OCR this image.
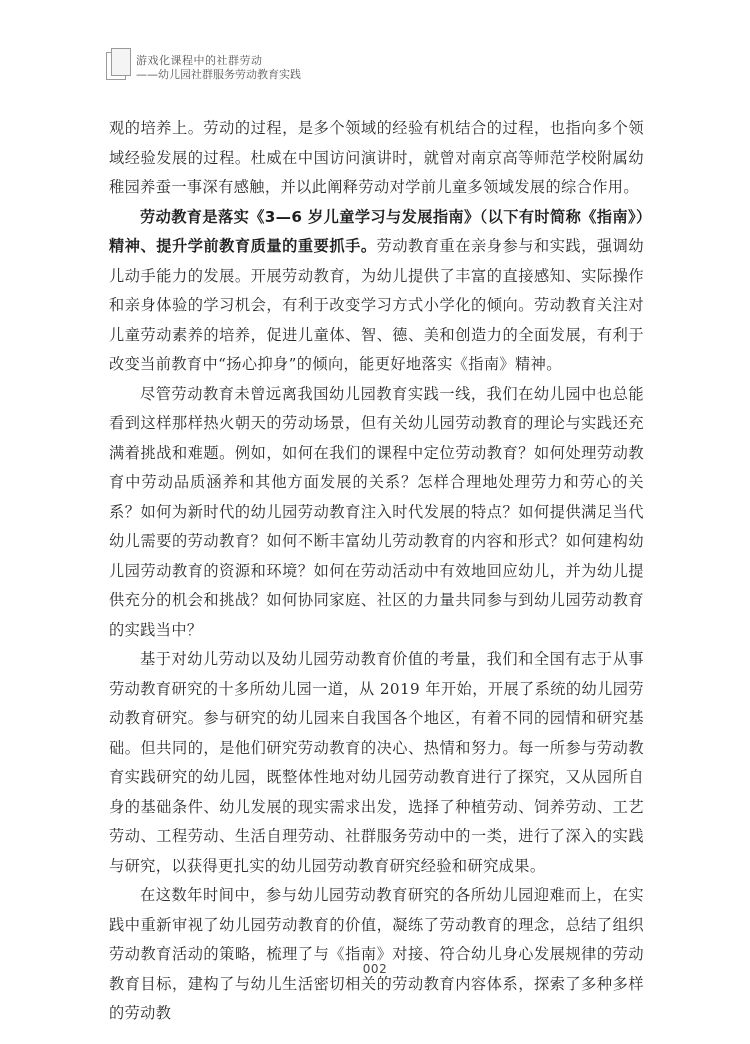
游戏化课程中的社群劳动
——幼儿园社群服务劳动教育实践

观的培养上。劳动的过程，是多个领域的经验有机结合的过程，也指向多个领域经验发展的过程。杜威在中国访问演讲时，就曾对南京高等师范学校附属幼稚园养蚕一事深有感触，并以此阐释劳动对学前儿童多领域发展的综合作用。

劳动教育是落实《3—6 岁儿童学习与发展指南》（以下有时简称《指南》）精神、提升学前教育质量的重要抓手。劳动教育重在亲身参与和实践，强调幼儿动手能力的发展。开展劳动教育，为幼儿提供了丰富的直接感知、实际操作和亲身体验的学习机会，有利于改变学习方式小学化的倾向。劳动教育关注对儿童劳动素养的培养，促进儿童体、智、德、美和创造力的全面发展，有利于改变当前教育中“扬心抑身”的倾向，能更好地落实《指南》精神。

尽管劳动教育未曾远离我国幼儿园教育实践一线，我们在幼儿园中也总能看到这样那样热火朝天的劳动场景，但有关幼儿园劳动教育的理论与实践还充满着挑战和难题。例如，如何在我们的课程中定位劳动教育？如何处理劳动教育中劳动品质涵养和其他方面发展的关系？怎样合理地处理劳力和劳心的关系？如何为新时代的幼儿园劳动教育注入时代发展的特点？如何提供满足当代幼儿需要的劳动教育？如何不断丰富幼儿劳动教育的内容和形式？如何建构幼儿园劳动教育的资源和环境？如何在劳动活动中有效地回应幼儿，并为幼儿提供充分的机会和挑战？如何协同家庭、社区的力量共同参与到幼儿园劳动教育的实践当中？

基于对幼儿劳动以及幼儿园劳动教育价值的考量，我们和全国有志于从事劳动教育研究的十多所幼儿园一道，从 2019 年开始，开展了系统的幼儿园劳动教育研究。参与研究的幼儿园来自我国各个地区，有着不同的园情和研究基础。但共同的，是他们研究劳动教育的决心、热情和努力。每一所参与劳动教育实践研究的幼儿园，既整体性地对幼儿园劳动教育进行了探究，又从园所自身的基础条件、幼儿发展的现实需求出发，选择了种植劳动、饲养劳动、工艺劳动、工程劳动、生活自理劳动、社群服务劳动中的一类，进行了深入的实践与研究，以获得更扎实的幼儿园劳动教育研究经验和研究成果。

在这数年时间中，参与幼儿园劳动教育研究的各所幼儿园迎难而上，在实践中重新审视了幼儿园劳动教育的价值，凝练了劳动教育的理念，总结了组织劳动教育活动的策略，梳理了与《指南》对接、符合幼儿身心发展规律的劳动教育目标，建构了与幼儿生活密切相关的劳动教育内容体系，探索了多种多样的劳动教

002
